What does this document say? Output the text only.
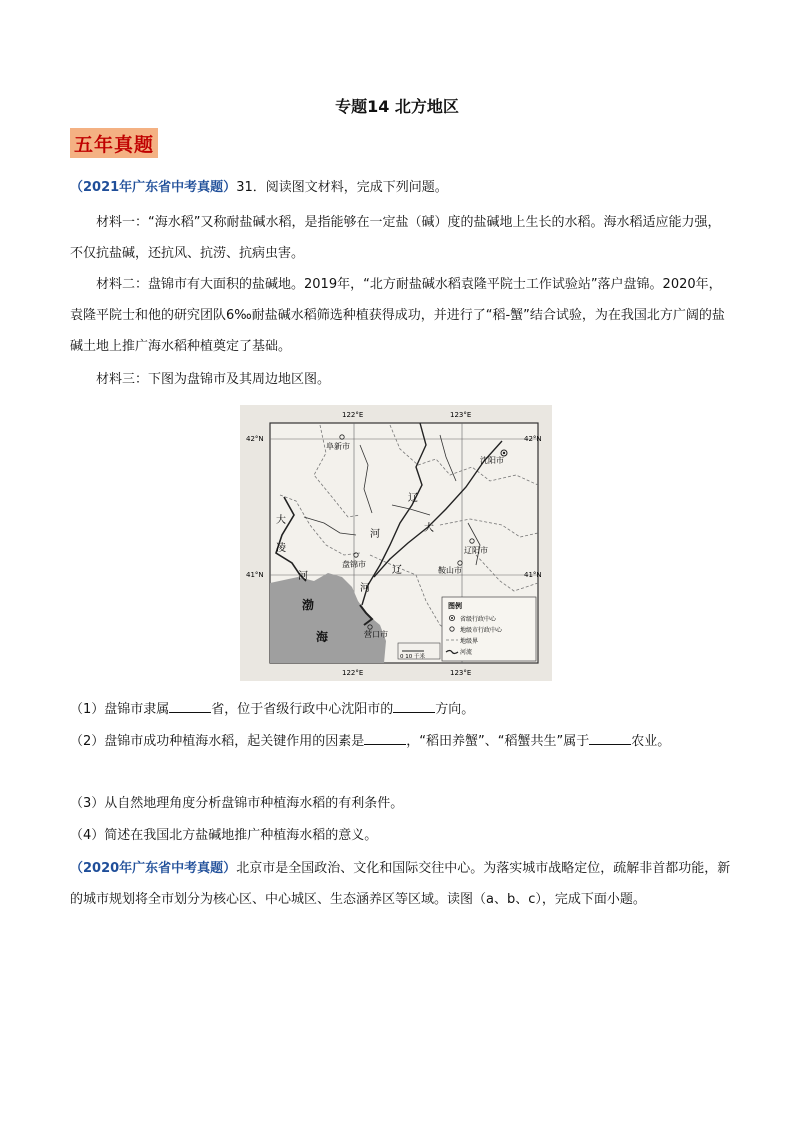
专题14 北方地区
五年真题
（2021年广东省中考真题）31．阅读图文材料，完成下列问题。
材料一：“海水稻”又称耐盐碱水稻，是指能够在一定盐（碱）度的盐碱地上生长的水稻。海水稻适应能力强，不仅抗盐碱，还抗风、抗涝、抗病虫害。
材料二：盘锦市有大面积的盐碱地。2019年，“北方耐盐碱水稻袁隆平院士工作试验站”落户盘锦。2020年，袁隆平院士和他的研究团队6‰耐盐碱水稻筛选种植获得成功，并进行了“稻-蟹”结合试验，为在我国北方广阔的盐碱土地上推广海水稻种植奠定了基础。
材料三：下图为盘锦市及其周边地区图。
122°E	123°E
122°E	123°E
42°N	42°N
41°N	41°N
阜新市
沈阳市
辽阳市
鞍山市
盘锦市
营口市
大
凌
河
辽
河
大
辽
河
渤
海
0 10 千米
图例
省级行政中心
地级市行政中心
地级界
河流
（1）盘锦市隶属	省，位于省级行政中心沈阳市的	方向。
（2）盘锦市成功种植海水稻，起关键作用的因素是	，“稻田养蟹”、“稻蟹共生”属于	农业。
（3）从自然地理角度分析盘锦市种植海水稻的有利条件。
（4）简述在我国北方盐碱地推广种植海水稻的意义。
（2020年广东省中考真题）北京市是全国政治、文化和国际交往中心。为落实城市战略定位，疏解非首都功能，新的城市规划将全市划分为核心区、中心城区、生态涵养区等区域。读图（a、b、c），完成下面小题。
